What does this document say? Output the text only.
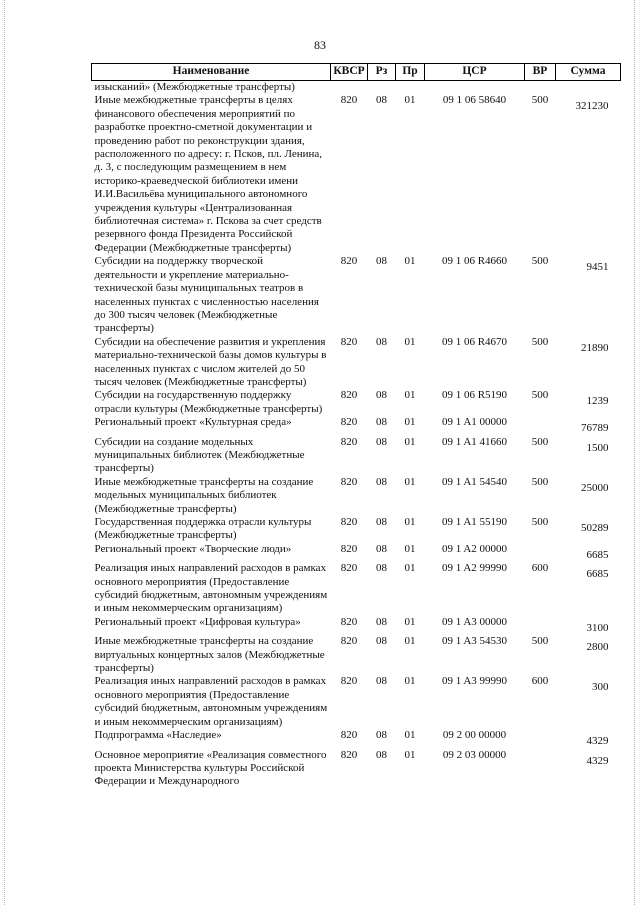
83
Наименование	КВСР	Рз	Пр	ЦСР	ВР	Сумма
изысканий» (Межбюджетные трансферты)						
Иные межбюджетные трансферты в целях финансового обеспечения мероприятий по разработке проектно-сметной документации и проведению работ по реконструкции здания, расположенного по адресу: г. Псков, пл. Ленина, д. 3, с последующим размещением в нем историко-краеведческой библиотеки имени И.И.Васильёва муниципального автономного учреждения культуры «Централизованная библиотечная система» г. Пскова за счет средств резервного фонда Президента Российской Федерации (Межбюджетные трансферты)	820	08	01	09 1 06 58640	500	321230
Субсидии на поддержку творческой деятельности и укрепление материально-технической базы муниципальных театров в населенных пунктах с численностью населения до 300 тысяч человек (Межбюджетные трансферты)	820	08	01	09 1 06 R4660	500	9451
Субсидии на обеспечение развития и укрепления материально-технической базы домов культуры в населенных пунктах с числом жителей до 50 тысяч человек (Межбюджетные трансферты)	820	08	01	09 1 06 R4670	500	21890
Субсидии на государственную поддержку отрасли культуры (Межбюджетные трансферты)	820	08	01	09 1 06 R5190	500	1239
Региональный проект «Культурная среда»	820	08	01	09 1 A1 00000		76789
Субсидии на создание модельных муниципальных библиотек (Межбюджетные трансферты)	820	08	01	09 1 A1 41660	500	1500
Иные межбюджетные трансферты на создание модельных муниципальных библиотек (Межбюджетные трансферты)	820	08	01	09 1 A1 54540	500	25000
Государственная поддержка отрасли культуры (Межбюджетные трансферты)	820	08	01	09 1 A1 55190	500	50289
Региональный проект «Творческие люди»	820	08	01	09 1 A2 00000		6685
Реализация иных направлений расходов в рамках основного мероприятия (Предоставление субсидий бюджетным, автономным учреждениям и иным некоммерческим организациям)	820	08	01	09 1 A2 99990	600	6685
Региональный проект «Цифровая культура»	820	08	01	09 1 A3 00000		3100
Иные межбюджетные трансферты на создание виртуальных концертных залов (Межбюджетные трансферты)	820	08	01	09 1 A3 54530	500	2800
Реализация иных направлений расходов в рамках основного мероприятия (Предоставление субсидий бюджетным, автономным учреждениям и иным некоммерческим организациям)	820	08	01	09 1 A3 99990	600	300
Подпрограмма «Наследие»	820	08	01	09 2 00 00000		4329
Основное мероприятие «Реализация совместного проекта Министерства культуры Российской Федерации и Международного	820	08	01	09 2 03 00000		4329
